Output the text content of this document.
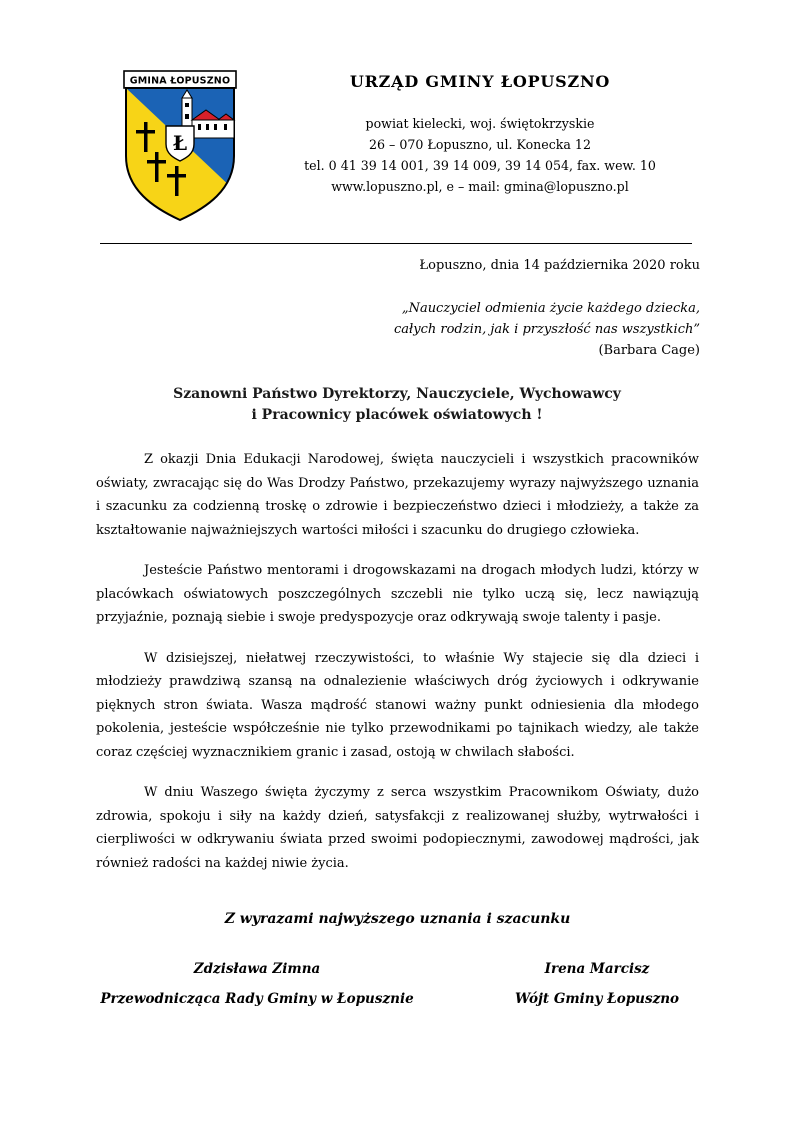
GMINA ŁOPUSZNO
Ł
URZĄD GMINY ŁOPUSZNO

powiat kielecki, woj. świętokrzyskie

26 – 070 Łopuszno, ul. Konecka 12

tel. 0 41 39 14 001, 39 14 009, 39 14 054, fax. wew. 10

www.lopuszno.pl, e – mail: gmina@lopuszno.pl

Łopuszno, dnia 14 października 2020 roku
„Nauczyciel odmienia życie każdego dziecka,
całych rodzin, jak i przyszłość nas wszystkich”
(Barbara Cage)
Szanowni Państwo Dyrektorzy, Nauczyciele, Wychowawcy
i Pracownicy placówek oświatowych !

Z okazji Dnia Edukacji Narodowej, święta nauczycieli i wszystkich pracowników oświaty, zwracając się do Was Drodzy Państwo, przekazujemy wyrazy najwyższego uznania i szacunku za codzienną troskę o zdrowie i bezpieczeństwo dzieci i młodzieży, a także za kształtowanie najważniejszych wartości miłości i szacunku do drugiego człowieka.

Jesteście Państwo mentorami i drogowskazami na drogach młodych ludzi, którzy w placówkach oświatowych poszczególnych szczebli nie tylko uczą się, lecz nawiązują przyjaźnie, poznają siebie i swoje predyspozycje oraz odkrywają swoje talenty i pasje.

W dzisiejszej, niełatwej rzeczywistości, to właśnie Wy stajecie się dla dzieci i młodzieży prawdziwą szansą na odnalezienie właściwych dróg życiowych i odkrywanie pięknych stron świata. Wasza mądrość stanowi ważny punkt odniesienia dla młodego pokolenia, jesteście współcześnie nie tylko przewodnikami po tajnikach wiedzy, ale także coraz częściej wyznacznikiem granic i zasad, ostoją w chwilach słabości.

W dniu Waszego święta życzymy z serca wszystkim Pracownikom Oświaty, dużo zdrowia, spokoju i siły na każdy dzień, satysfakcji z realizowanej służby, wytrwałości i cierpliwości w odkrywaniu świata przed swoimi podopiecznymi, zawodowej mądrości, jak również radości na każdej niwie życia.

Z wyrazami najwyższego uznania i szacunku
Zdzisława Zimna
Przewodnicząca Rady Gminy w Łopusznie
Irena Marcisz
Wójt Gminy Łopuszno
